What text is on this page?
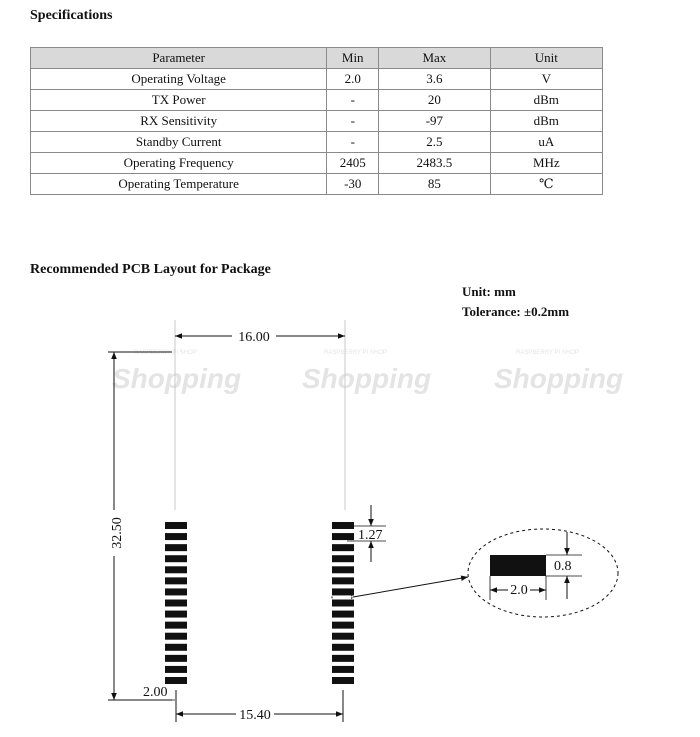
Specifications
Parameter	Min	Max	Unit
Operating Voltage	2.0	3.6	V
TX Power	-	20	dBm
RX Sensitivity	-	-97	dBm
Standby Current	-	2.5	uA
Operating Frequency	2405	2483.5	MHz
Operating Temperature	-30	85	℃
Recommended PCB Layout for Package
Unit: mm
Tolerance: ±0.2mm
RASPBERRY PI SHOP
Shopping
RASPBERRY PI SHOP
Shopping
RASPBERRY PI SHOP
Shopping
16.00
32.50	1.27
2.00
15.40
2.0
0.8
